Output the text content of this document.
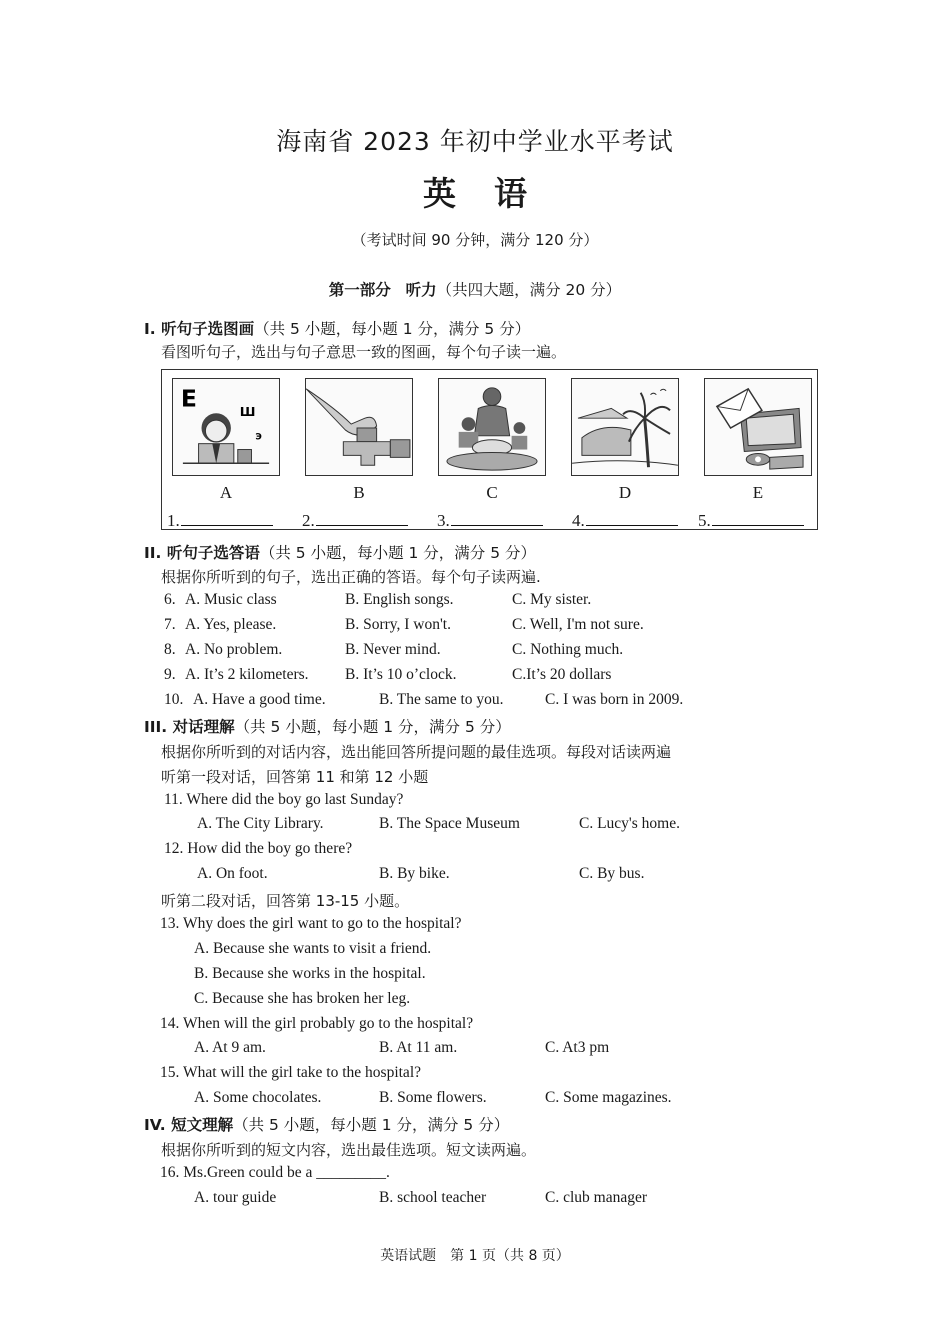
海南省 2023 年初中学业水平考试
英语
（考试时间 90 分钟，满分 120 分）
第一部分 听力（共四大题，满分 20 分）
I. 听句子选图画（共 5 小题，每小题 1 分，满分 5 分）
看图听句子，选出与句子意思一致的图画，每个句子读一遍。
E
Ш
Э
A	B	C	D	E
1.	2.	3.	4.	5.
II. 听句子选答语（共 5 小题，每小题 1 分，满分 5 分）
根据你所听到的句子，选出正确的答语。每个句子读两遍.
6. A. Music class	B. English songs.	C. My sister.
7. A. Yes, please.	B. Sorry, I won't.	C. Well, I'm not sure.
8. A. No problem.	B. Never mind.	C. Nothing much.
9. A. It’s 2 kilometers. B. It’s 10 o’clock.	C.It’s 20 dollars
10. A. Have a good time.	B. The same to you.	C. I was born in 2009.
III. 对话理解（共 5 小题，每小题 1 分，满分 5 分）
根据你所听到的对话内容，选出能回答所提问题的最佳选项。每段对话读两遍
听第一段对话，回答第 11 和第 12 小题
11. Where did the boy go last Sunday?
A. The City Library.	B. The Space Museum	C. Lucy's home.
12. How did the boy go there?
A. On foot.	B. By bike.	C. By bus.
听第二段对话，回答第 13-15 小题。
13. Why does the girl want to go to the hospital?
A. Because she wants to visit a friend.
B. Because she works in the hospital.
C. Because she has broken her leg.
14. When will the girl probably go to the hospital?
A. At 9 am.	B. At 11 am.	C. At3 pm
15. What will the girl take to the hospital?
A. Some chocolates.	B. Some flowers.	C. Some magazines.
IV. 短文理解（共 5 小题，每小题 1 分，满分 5 分）
根据你所听到的短文内容，选出最佳选项。短文读两遍。
16. Ms.Green could be a _________.
A. tour guide	B. school teacher	C. club manager
英语试题　第 1 页（共 8 页）
